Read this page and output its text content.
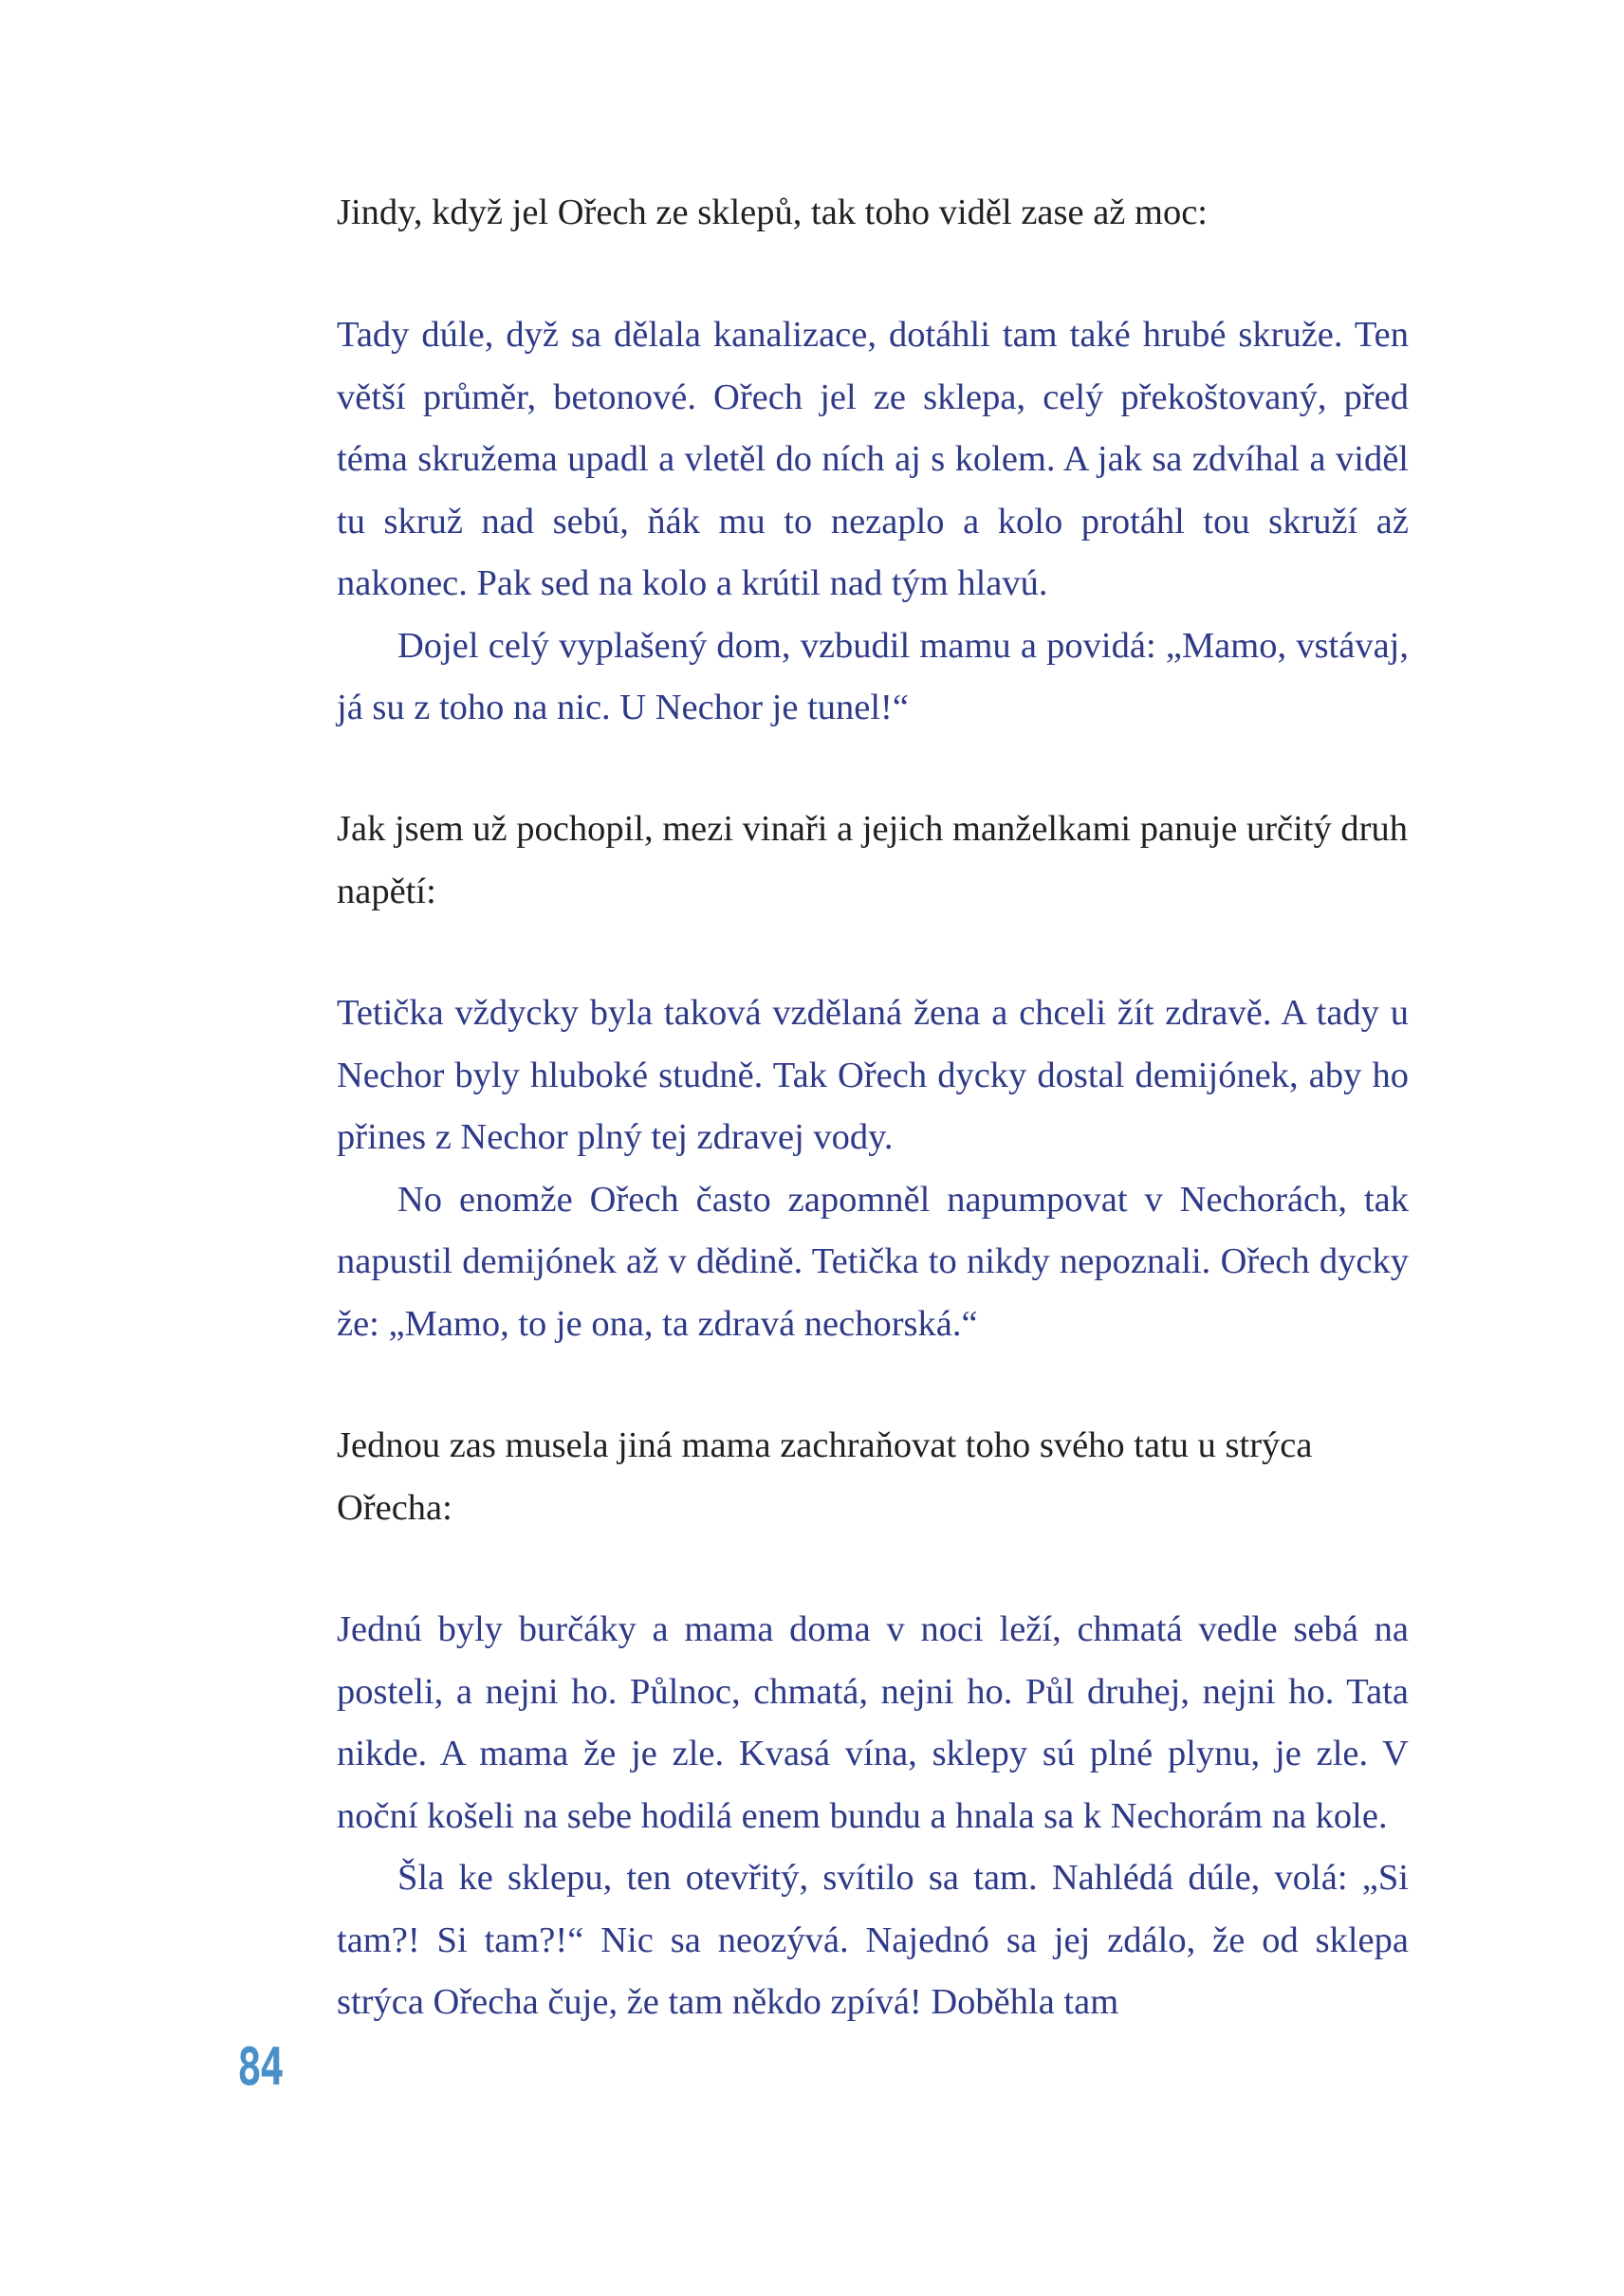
Jindy, když jel Ořech ze sklepů, tak toho viděl zase až moc:

Tady dúle, dyž sa dělala kanalizace, dotáhli tam také hrubé skruže. Ten větší průměr, betonové. Ořech jel ze sklepa, celý překoštovaný, před téma skružema upadl a vletěl do ních aj s kolem. A jak sa zdvíhal a viděl tu skruž nad sebú, ňák mu to nezaplo a kolo protáhl tou skruží až nakonec. Pak sed na kolo a krútil nad tým hlavú.

Dojel celý vyplašený dom, vzbudil mamu a povidá: „Mamo, vstávaj, já su z toho na nic. U Nechor je tunel!“

Jak jsem už pochopil, mezi vinaři a jejich manželkami panuje určitý druh napětí:

Tetička vždycky byla taková vzdělaná žena a chceli žít zdravě. A tady u Nechor byly hluboké studně. Tak Ořech dycky dostal demijónek, aby ho přines z Nechor plný tej zdravej vody.

No enomže Ořech často zapomněl napumpovat v Nechorách, tak napustil demijónek až v dědině. Tetička to nikdy nepoznali. Ořech dycky že: „Mamo, to je ona, ta zdravá nechorská.“

Jednou zas musela jiná mama zachraňovat toho svého tatu u strýca Ořecha:

Jednú byly burčáky a mama doma v noci leží, chmatá vedle sebá na posteli, a nejni ho. Půlnoc, chmatá, nejni ho. Půl druhej, nejni ho. Tata nikde. A mama že je zle. Kvasá vína, sklepy sú plné plynu, je zle. V noční košeli na sebe hodilá enem bundu a hnala sa k Nechorám na kole.

Šla ke sklepu, ten otevřitý, svítilo sa tam. Nahlédá dúle, volá: „Si tam?! Si tam?!“ Nic sa neozývá. Najednó sa jej zdálo, že od sklepa strýca Ořecha čuje, že tam někdo zpívá! Doběhla tam

84
